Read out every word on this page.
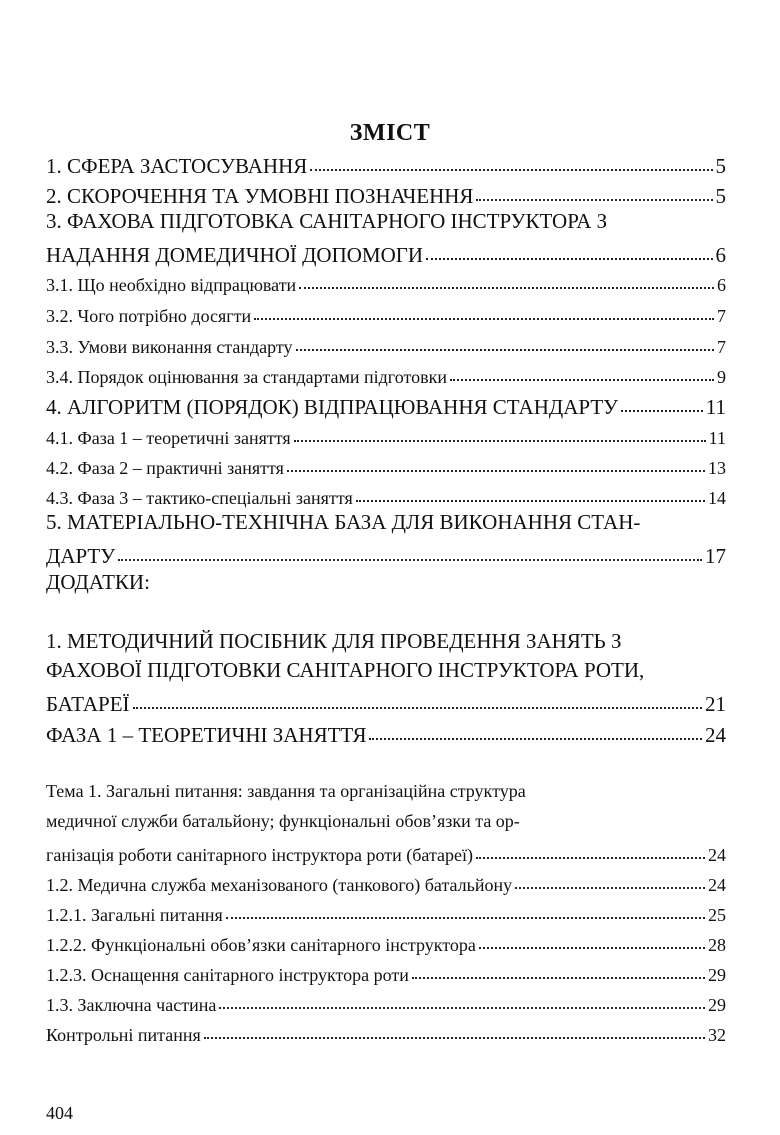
ЗМІСТ
1. СФЕРА ЗАСТОСУВАННЯ	5
2. СКОРОЧЕННЯ ТА УМОВНІ ПОЗНАЧЕННЯ	5
3. ФАХОВА ПІДГОТОВКА САНІТАРНОГО ІНСТРУКТОРА З
НАДАННЯ ДОМЕДИЧНОЇ ДОПОМОГИ	6
3.1. Що необхідно відпрацювати	6
3.2. Чого потрібно досягти	7
3.3. Умови виконання стандарту	7
3.4. Порядок оцінювання за стандартами підготовки	9
4. АЛГОРИТМ (ПОРЯДОК) ВІДПРАЦЮВАННЯ СТАНДАРТУ	11
4.1. Фаза 1 – теоретичні заняття	11
4.2. Фаза 2 – практичні заняття	13
4.3. Фаза 3 – тактико-спеціальні заняття	14
5. МАТЕРІАЛЬНО-ТЕХНІЧНА БАЗА ДЛЯ ВИКОНАННЯ СТАН-
ДАРТУ	17
ДОДАТКИ:
1. МЕТОДИЧНИЙ ПОСІБНИК ДЛЯ ПРОВЕДЕННЯ ЗАНЯТЬ З
ФАХОВОЇ ПІДГОТОВКИ САНІТАРНОГО ІНСТРУКТОРА РОТИ,
БАТАРЕЇ	21
ФАЗА 1 – ТЕОРЕТИЧНІ ЗАНЯТТЯ	24
Тема 1. Загальні питання: завдання та організаційна структура
медичної служби батальйону; функціональні обов’язки та ор-
ганізація роботи санітарного інструктора роти (батареї)	24
1.2. Медична служба механізованого (танкового) батальйону	24
1.2.1. Загальні питання	25
1.2.2. Функціональні обов’язки санітарного інструктора	28
1.2.3. Оснащення санітарного інструктора роти	29
1.3. Заключна частина	29
Контрольні питання	32
404
